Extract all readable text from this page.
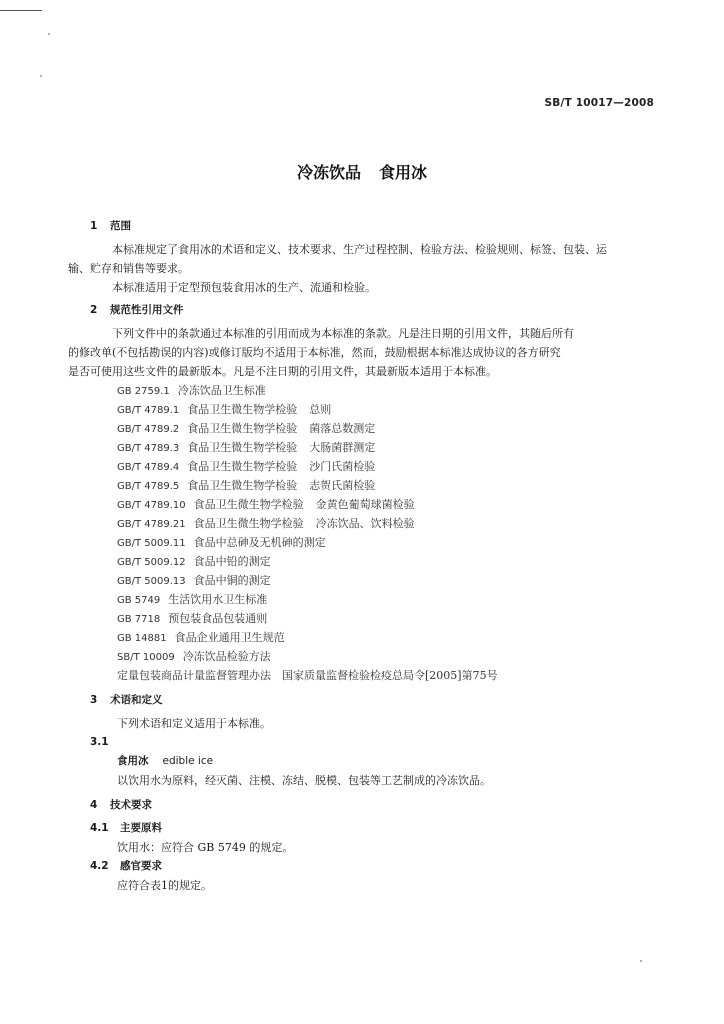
SB/T 10017—2008
冷冻饮品 食用冰
1 范围
本标准规定了食用冰的术语和定义、技术要求、生产过程控制、检验方法、检验规则、标签、包装、运
输、贮存和销售等要求。
本标准适用于定型预包装食用冰的生产、流通和检验。
2 规范性引用文件
下列文件中的条款通过本标准的引用而成为本标准的条款。凡是注日期的引用文件，其随后所有
的修改单(不包括勘误的内容)或修订版均不适用于本标准，然而，鼓励根据本标准达成协议的各方研究
是否可使用这些文件的最新版本。凡是不注日期的引用文件，其最新版本适用于本标准。
GB 2759.1 冷冻饮品卫生标准
GB/T 4789.1 食品卫生微生物学检验 总则
GB/T 4789.2 食品卫生微生物学检验 菌落总数测定
GB/T 4789.3 食品卫生微生物学检验 大肠菌群测定
GB/T 4789.4 食品卫生微生物学检验 沙门氏菌检验
GB/T 4789.5 食品卫生微生物学检验 志贺氏菌检验
GB/T 4789.10 食品卫生微生物学检验 金黄色葡萄球菌检验
GB/T 4789.21 食品卫生微生物学检验 冷冻饮品、饮料检验
GB/T 5009.11 食品中总砷及无机砷的测定
GB/T 5009.12 食品中铅的测定
GB/T 5009.13 食品中铜的测定
GB 5749 生活饮用水卫生标准
GB 7718 预包装食品包装通则
GB 14881 食品企业通用卫生规范
SB/T 10009 冷冻饮品检验方法
定量包装商品计量监督管理办法　国家质量监督检验检疫总局令[2005]第75号
3 术语和定义
下列术语和定义适用于本标准。
3.1
食用冰 edible ice
以饮用水为原料，经灭菌、注模、冻结、脱模、包装等工艺制成的冷冻饮品。
4 技术要求
4.1 主要原料
饮用水：应符合 GB 5749 的规定。
4.2 感官要求
应符合表1的规定。
